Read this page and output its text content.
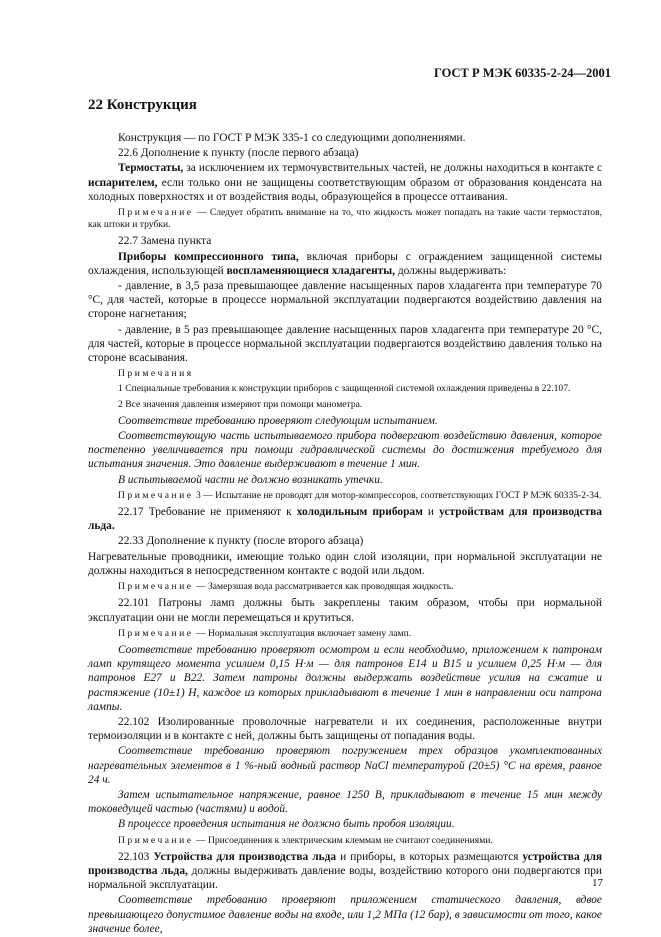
ГОСТ Р МЭК 60335-2-24—2001
22 Конструкция

Конструкция — по ГОСТ Р МЭК 335-1 со следующими дополнениями.

22.6 Дополнение к пункту (после первого абзаца)

Термостаты, за исключением их термочувствительных частей, не должны находиться в контакте с испарителем, если только они не защищены соответствующим образом от образования конденсата на холодных поверхностях и от воздействия воды, образующейся в процессе оттаивания.

Примечание — Следует обратить внимание на то, что жидкость может попадать на такие части термостатов, как штоки и трубки.

22.7 Замена пункта

Приборы компрессионного типа, включая приборы с ограждением защищенной системы охлаждения, использующей воспламеняющиеся хладагенты, должны выдерживать:

- давление, в 3,5 раза превышающее давление насыщенных паров хладагента при температуре 70 °С, для частей, которые в процессе нормальной эксплуатации подвергаются воздействию давления на стороне нагнетания;

- давление, в 5 раз превышающее давление насыщенных паров хладагента при температуре 20 °С, для частей, которые в процессе нормальной эксплуатации подвергаются воздействию давления только на стороне всасывания.

Примечания

1 Специальные требования к конструкции приборов с защищенной системой охлаждения приведены в 22.107.

2 Все значения давления измеряют при помощи манометра.

Соответствие требованию проверяют следующим испытанием.

Соответствующую часть испытываемого прибора подвергают воздействию давления, которое постепенно увеличивается при помощи гидравлической системы до достижения требуемого для испытания значения. Это давление выдерживают в течение 1 мин.

В испытываемой части не должно возникать утечки.

Примечание 3 — Испытание не проводят для мотор-компрессоров, соответствующих ГОСТ Р МЭК 60335-2-34.

22.17 Требование не применяют к холодильным приборам и устройствам для производства льда.

22.33 Дополнение к пункту (после второго абзаца)

Нагревательные проводники, имеющие только один слой изоляции, при нормальной эксплуатации не должны находиться в непосредственном контакте с водой или льдом.

Примечание — Замерзшая вода рассматривается как проводящая жидкость.

22.101 Патроны ламп должны быть закреплены таким образом, чтобы при нормальной эксплуатации они не могли перемещаться и крутиться.

Примечание — Нормальная эксплуатация включает замену ламп.

Соответствие требованию проверяют осмотром и если необходимо, приложением к патронам ламп крутящего момента усилием 0,15 Н·м — для патронов Е14 и В15 и усилием 0,25 Н·м — для патронов Е27 и В22. Затем патроны должны выдержать воздействие усилия на сжатие и растяжение (10±1) Н, каждое из которых прикладывают в течение 1 мин в направлении оси патрона лампы.

22.102 Изолированные проволочные нагреватели и их соединения, расположенные внутри термоизоляции и в контакте с ней, должны быть защищены от попадания воды.

Соответствие требованию проверяют погружением трех образцов укомплектованных нагревательных элементов в 1 %-ный водный раствор NaCl температурой (20±5) °С на время, равное 24 ч.

Затем испытательное напряжение, равное 1250 В, прикладывают в течение 15 мин между токоведущей частью (частями) и водой.

В процессе проведения испытания не должно быть пробоя изоляции.

Примечание — Присоединения к электрическим клеммам не считают соединениями.

22.103 Устройства для производства льда и приборы, в которых размещаются устройства для производства льда, должны выдерживать давление воды, воздействию которого они подвергаются при нормальной эксплуатации.

Соответствие требованию проверяют приложением статического давления, вдвое превышающего допустимое давление воды на входе, или 1,2 МПа (12 бар), в зависимости от того, какое значение более,

17
